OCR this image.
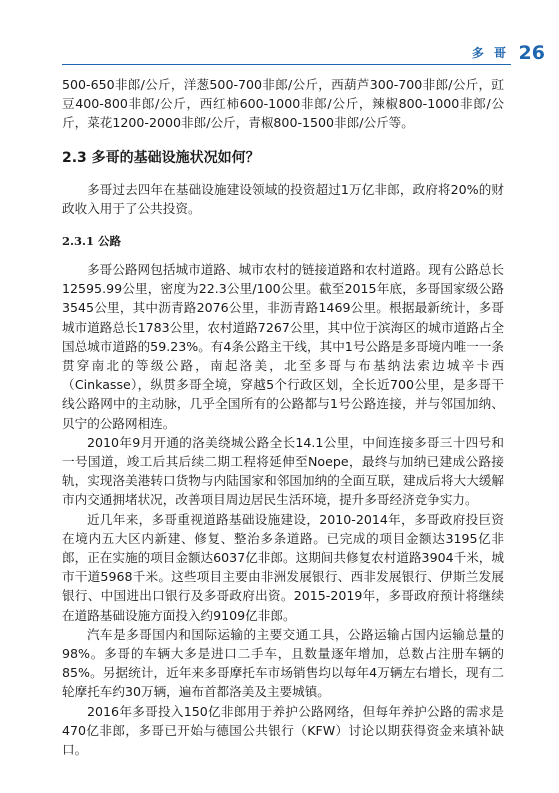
多 哥 26

500-650非郎/公斤，洋葱500-700非郎/公斤，西葫芦300-700非郎/公斤，豇豆400-800非郎/公斤，西红柿600-1000非郎/公斤，辣椒800-1000非郎/公斤，菜花1200-2000非郎/公斤，青椒800-1500非郎/公斤等。

2.3 多哥的基础设施状况如何？

多哥过去四年在基础设施建设领域的投资超过1万亿非郎，政府将20%的财政收入用于了公共投资。

2.3.1 公路

多哥公路网包括城市道路、城市农村的链接道路和农村道路。现有公路总长12595.99公里，密度为22.3公里/100公里。截至2015年底，多哥国家级公路3545公里，其中沥青路2076公里，非沥青路1469公里。根据最新统计，多哥城市道路总长1783公里，农村道路7267公里，其中位于滨海区的城市道路占全国总城市道路的59.23%。有4条公路主干线，其中1号公路是多哥境内唯一一条贯穿南北的等级公路，南起洛美，北至多哥与布基纳法索边城辛卡西（Cinkasse），纵贯多哥全境，穿越5个行政区划，全长近700公里，是多哥干线公路网中的主动脉，几乎全国所有的公路都与1号公路连接，并与邻国加纳、贝宁的公路网相连。

2010年9月开通的洛美绕城公路全长14.1公里，中间连接多哥三十四号和一号国道，竣工后其后续二期工程将延伸至Noepe，最终与加纳已建成公路接轨，实现洛美港转口货物与内陆国家和邻国加纳的全面互联，建成后将大大缓解市内交通拥堵状况，改善项目周边居民生活环境，提升多哥经济竞争实力。

近几年来，多哥重视道路基础设施建设，2010-2014年，多哥政府投巨资在境内五大区内新建、修复、整治多条道路。已完成的项目金额达3195亿非郎，正在实施的项目金额达6037亿非郎。这期间共修复农村道路3904千米，城市干道5968千米。这些项目主要由非洲发展银行、西非发展银行、伊斯兰发展银行、中国进出口银行及多哥政府出资。2015-2019年，多哥政府预计将继续在道路基础设施方面投入约9109亿非郎。

汽车是多哥国内和国际运输的主要交通工具，公路运输占国内运输总量的98%。多哥的车辆大多是进口二手车，且数量逐年增加，总数占注册车辆的85%。另据统计，近年来多哥摩托车市场销售均以每年4万辆左右增长，现有二轮摩托车约30万辆，遍布首都洛美及主要城镇。

2016年多哥投入150亿非郎用于养护公路网络，但每年养护公路的需求是470亿非郎，多哥已开始与德国公共银行（KFW）讨论以期获得资金来填补缺口。
